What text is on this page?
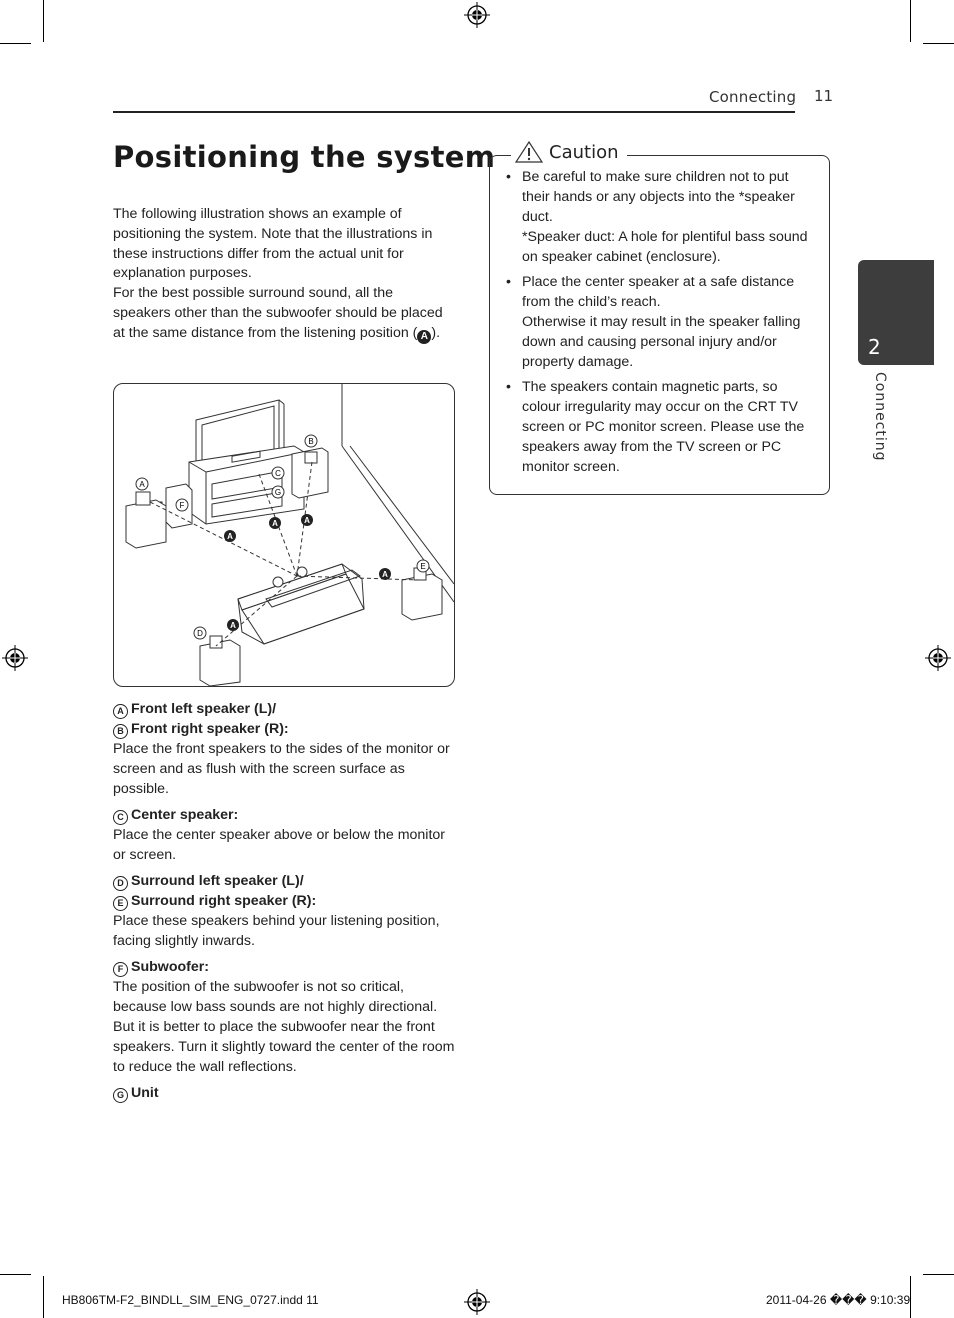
Connecting 11
Positioning the system

The following illustration shows an example of positioning the system. Note that the illustrations in these instructions differ from the actual unit for explanation purposes.

For the best possible surround sound, all the speakers other than the subwoofer should be placed at the same distance from the listening position ( A ).

A
B
C
G
F
D
E
A
A	A
A
A
A Front left speaker (L)/
B Front right speaker (R):

Place the front speakers to the sides of the monitor or screen and as flush with the screen surface as possible.

C Center speaker:

Place the center speaker above or below the monitor or screen.

D Surround left speaker (L)/
E Surround right speaker (R):

Place these speakers behind your listening position, facing slightly inwards.

F Subwoofer:

The position of the subwoofer is not so critical, because low bass sounds are not highly directional. But it is better to place the subwoofer near the front speakers. Turn it slightly toward the center of the room to reduce the wall reflections.

G Unit
• Be careful to make sure children not to put their hands or any objects into the *speaker duct.
*Speaker duct: A hole for plentiful bass sound on speaker cabinet (enclosure).
• Place the center speaker at a safe distance from the child’s reach.
Otherwise it may result in the speaker falling down and causing personal injury and/or property damage.
• The speakers contain magnetic parts, so colour irregularity may occur on the CRT TV screen or PC monitor screen. Please use the speakers away from the TV screen or PC monitor screen.
Caution
2
Connecting
HB806TM-F2_BINDLL_SIM_ENG_0727.indd 11	2011-04-26 ��� 9:10:39
